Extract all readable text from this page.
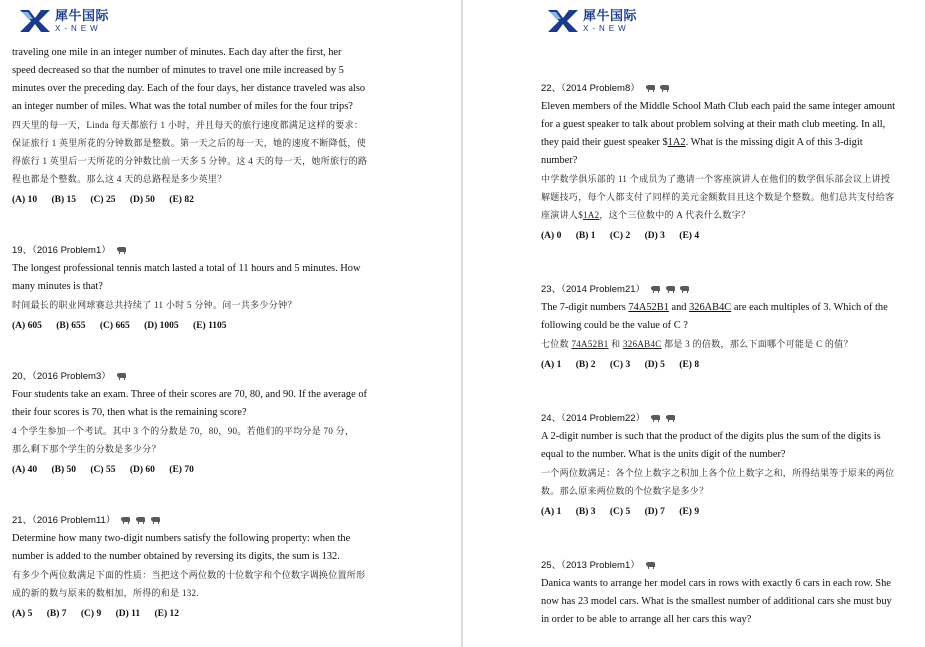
犀牛国际
X-NEW
traveling one mile in an integer number of minutes. Each day after the first, her
speed decreased so that the number of minutes to travel one mile increased by 5
minutes over the preceding day. Each of the four days, her distance traveled was also
an integer number of miles. What was the total number of miles for the four trips?
四天里的每一天，Linda 每天都旅行 1 小时，并且每天的旅行速度都满足这样的要求：
保证旅行 1 英里所花的分钟数都是整数。第一天之后的每一天，她的速度不断降低，使
得旅行 1 英里后一天所花的分钟数比前一天多 5 分钟。这 4 天的每一天，她所旅行的路
程也都是个整数。那么这 4 天的总路程是多少英里？
(A) 10 (B) 15 (C) 25 (D) 50 (E) 82
19、（2016 Problem1）
The longest professional tennis match lasted a total of 11 hours and 5 minutes. How
many minutes is that?
时间最长的职业网球赛总共持续了 11 小时 5 分钟。问一共多少分钟？
(A) 605 (B) 655 (C) 665 (D) 1005 (E) 1105
20、（2016 Problem3）
Four students take an exam. Three of their scores are 70, 80, and 90. If the average of
their four scores is 70, then what is the remaining score?
4 个学生参加一个考试。其中 3 个的分数是 70，80，90。若他们的平均分是 70 分，
那么剩下那个学生的分数是多少分？
(A) 40 (B) 50 (C) 55 (D) 60 (E) 70
21、（2016 Problem11）

Determine how many two-digit numbers satisfy the following property: when the
number is added to the number obtained by reversing its digits, the sum is 132.
有多少个两位数满足下面的性质：当把这个两位数的十位数字和个位数字调换位置所形
成的新的数与原来的数相加，所得的和是 132.
(A) 5 (B) 7 (C) 9 (D) 11 (E) 12
犀牛国际
X-NEW
22、（2014 Problem8）

Eleven members of the Middle School Math Club each paid the same integer amount
for a guest speaker to talk about problem solving at their math club meeting. In all,
they paid their guest speaker $1A2. What is the missing digit A of this 3-digit
number?
中学数学俱乐部的 11 个成员为了邀请一个客座演讲人在他们的数学俱乐部会议上讲授
解题技巧，每个人都支付了同样的美元金额数目且这个数是个整数。他们总共支付给客
座演讲人$1A2，这个三位数中的 A 代表什么数字？
(A) 0 (B) 1 (C) 2 (D) 3 (E) 4
23、（2014 Problem21）

The 7-digit numbers 74A52B1 and 326AB4C are each multiples of 3. Which of the
following could be the value of C ?
七位数 74A52B1 和 326AB4C 都是 3 的倍数，那么下面哪个可能是 C 的值？
(A) 1 (B) 2 (C) 3 (D) 5 (E) 8
24、（2014 Problem22）

A 2-digit number is such that the product of the digits plus the sum of the digits is
equal to the number. What is the units digit of the number?
一个两位数满足：各个位上数字之积加上各个位上数字之和，所得结果等于原来的两位
数。那么原来两位数的个位数字是多少？
(A) 1 (B) 3 (C) 5 (D) 7 (E) 9
25、（2013 Problem1）
Danica wants to arrange her model cars in rows with exactly 6 cars in each row. She
now has 23 model cars. What is the smallest number of additional cars she must buy
in order to be able to arrange all her cars this way?
